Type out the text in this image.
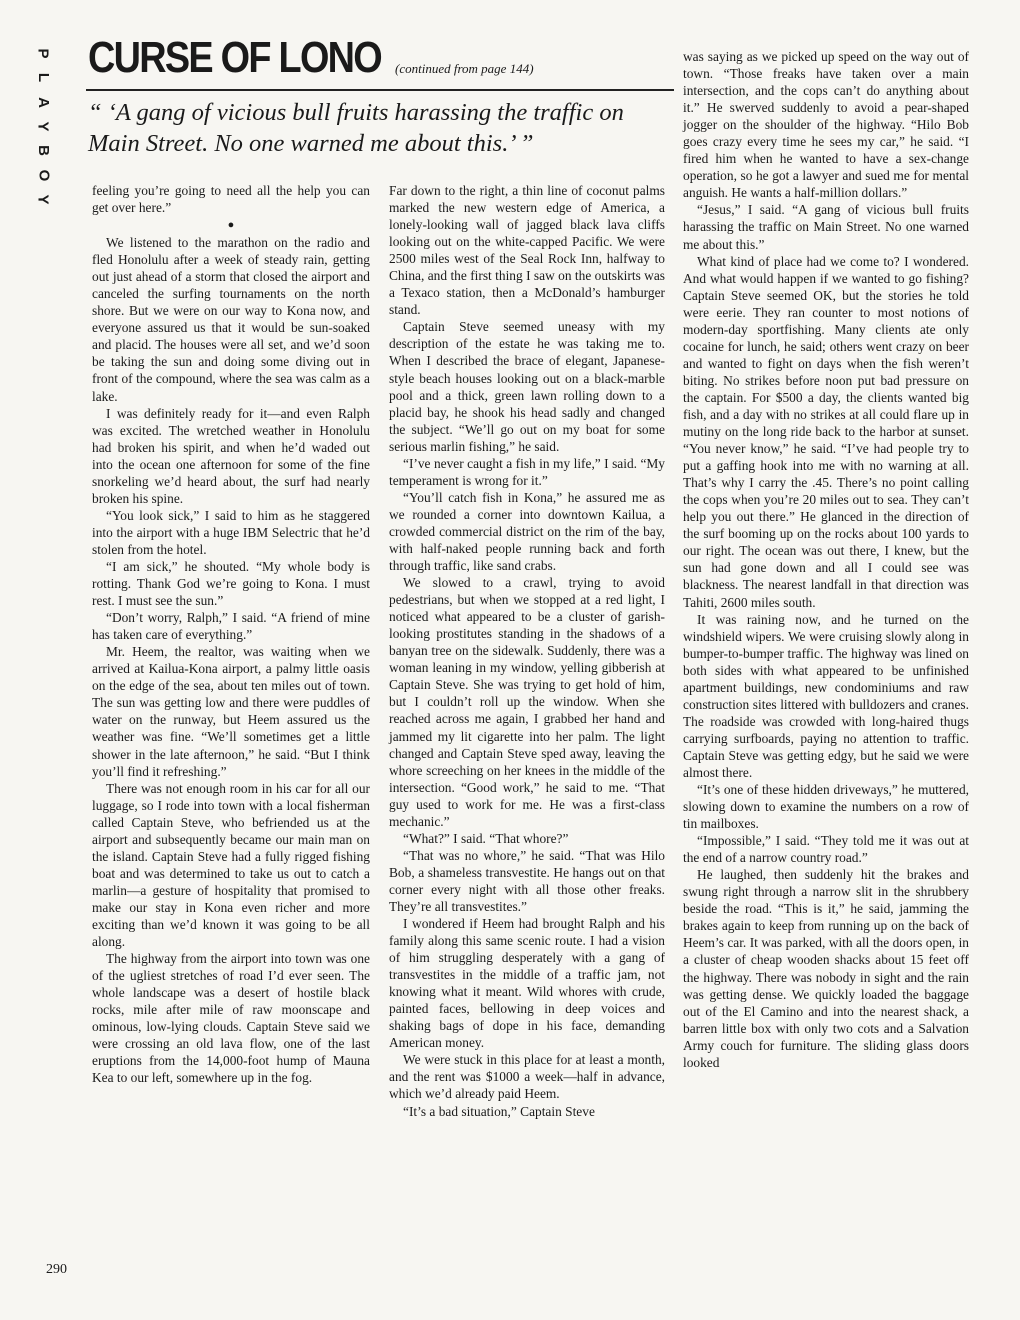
P
L
A
Y
B
O
Y
CURSE OF LONO (continued from page 144)

“ ‘A gang of vicious bull fruits harassing the traffic on Main Street. No one warned me about this.’ ”

feeling you’re going to need all the help you can get over here.”

●

We listened to the marathon on the radio and fled Honolulu after a week of steady rain, getting out just ahead of a storm that closed the airport and canceled the surfing tournaments on the north shore. But we were on our way to Kona now, and everyone assured us that it would be sun-soaked and placid. The houses were all set, and we’d soon be taking the sun and doing some diving out in front of the compound, where the sea was calm as a lake.

I was definitely ready for it—and even Ralph was excited. The wretched weather in Honolulu had broken his spirit, and when he’d waded out into the ocean one afternoon for some of the fine snorkeling we’d heard about, the surf had nearly broken his spine.

“You look sick,” I said to him as he staggered into the airport with a huge IBM Selectric that he’d stolen from the hotel.

“I am sick,” he shouted. “My whole body is rotting. Thank God we’re going to Kona. I must rest. I must see the sun.”

“Don’t worry, Ralph,” I said. “A friend of mine has taken care of everything.”

Mr. Heem, the realtor, was waiting when we arrived at Kailua-Kona airport, a palmy little oasis on the edge of the sea, about ten miles out of town. The sun was getting low and there were puddles of water on the runway, but Heem assured us the weather was fine. “We’ll sometimes get a little shower in the late afternoon,” he said. “But I think you’ll find it refreshing.”

There was not enough room in his car for all our luggage, so I rode into town with a local fisherman called Captain Steve, who befriended us at the airport and subsequently became our main man on the island. Captain Steve had a fully rigged fishing boat and was determined to take us out to catch a marlin—a gesture of hospitality that promised to make our stay in Kona even richer and more exciting than we’d known it was going to be all along.

The highway from the airport into town was one of the ugliest stretches of road I’d ever seen. The whole landscape was a desert of hostile black rocks, mile after mile of raw moonscape and ominous, low-lying clouds. Captain Steve said we were crossing an old lava flow, one of the last eruptions from the 14,000-foot hump of Mauna Kea to our left, somewhere up in the fog.

Far down to the right, a thin line of coconut palms marked the new western edge of America, a lonely-looking wall of jagged black lava cliffs looking out on the white-capped Pacific. We were 2500 miles west of the Seal Rock Inn, halfway to China, and the first thing I saw on the outskirts was a Texaco station, then a McDonald’s hamburger stand.

Captain Steve seemed uneasy with my description of the estate he was taking me to. When I described the brace of elegant, Japanese-style beach houses looking out on a black-marble pool and a thick, green lawn rolling down to a placid bay, he shook his head sadly and changed the subject. “We’ll go out on my boat for some serious marlin fishing,” he said.

“I’ve never caught a fish in my life,” I said. “My temperament is wrong for it.”

“You’ll catch fish in Kona,” he assured me as we rounded a corner into downtown Kailua, a crowded commercial district on the rim of the bay, with half-naked people running back and forth through traffic, like sand crabs.

We slowed to a crawl, trying to avoid pedestrians, but when we stopped at a red light, I noticed what appeared to be a cluster of garish-looking prostitutes standing in the shadows of a banyan tree on the sidewalk. Suddenly, there was a woman leaning in my window, yelling gibberish at Captain Steve. She was trying to get hold of him, but I couldn’t roll up the window. When she reached across me again, I grabbed her hand and jammed my lit cigarette into her palm. The light changed and Captain Steve sped away, leaving the whore screeching on her knees in the middle of the intersection. “Good work,” he said to me. “That guy used to work for me. He was a first-class mechanic.”

“What?” I said. “That whore?”

“That was no whore,” he said. “That was Hilo Bob, a shameless transvestite. He hangs out on that corner every night with all those other freaks. They’re all transvestites.”

I wondered if Heem had brought Ralph and his family along this same scenic route. I had a vision of him struggling desperately with a gang of transvestites in the middle of a traffic jam, not knowing what it meant. Wild whores with crude, painted faces, bellowing in deep voices and shaking bags of dope in his face, demanding American money.

We were stuck in this place for at least a month, and the rent was $1000 a week—half in advance, which we’d already paid Heem.

“It’s a bad situation,” Captain Steve

was saying as we picked up speed on the way out of town. “Those freaks have taken over a main intersection, and the cops can’t do anything about it.” He swerved suddenly to avoid a pear-shaped jogger on the shoulder of the highway. “Hilo Bob goes crazy every time he sees my car,” he said. “I fired him when he wanted to have a sex-change operation, so he got a lawyer and sued me for mental anguish. He wants a half-million dollars.”

“Jesus,” I said. “A gang of vicious bull fruits harassing the traffic on Main Street. No one warned me about this.”

What kind of place had we come to? I wondered. And what would happen if we wanted to go fishing? Captain Steve seemed OK, but the stories he told were eerie. They ran counter to most notions of modern-day sportfishing. Many clients ate only cocaine for lunch, he said; others went crazy on beer and wanted to fight on days when the fish weren’t biting. No strikes before noon put bad pressure on the captain. For $500 a day, the clients wanted big fish, and a day with no strikes at all could flare up in mutiny on the long ride back to the harbor at sunset. “You never know,” he said. “I’ve had people try to put a gaffing hook into me with no warning at all. That’s why I carry the .45. There’s no point calling the cops when you’re 20 miles out to sea. They can’t help you out there.” He glanced in the direction of the surf booming up on the rocks about 100 yards to our right. The ocean was out there, I knew, but the sun had gone down and all I could see was blackness. The nearest landfall in that direction was Tahiti, 2600 miles south.

It was raining now, and he turned on the windshield wipers. We were cruising slowly along in bumper-to-bumper traffic. The highway was lined on both sides with what appeared to be unfinished apartment buildings, new condominiums and raw construction sites littered with bulldozers and cranes. The roadside was crowded with long-haired thugs carrying surfboards, paying no attention to traffic. Captain Steve was getting edgy, but he said we were almost there.

“It’s one of these hidden driveways,” he muttered, slowing down to examine the numbers on a row of tin mailboxes.

“Impossible,” I said. “They told me it was out at the end of a narrow country road.”

He laughed, then suddenly hit the brakes and swung right through a narrow slit in the shrubbery beside the road. “This is it,” he said, jamming the brakes again to keep from running up on the back of Heem’s car. It was parked, with all the doors open, in a cluster of cheap wooden shacks about 15 feet off the highway. There was nobody in sight and the rain was getting dense. We quickly loaded the baggage out of the El Camino and into the nearest shack, a barren little box with only two cots and a Salvation Army couch for furniture. The sliding glass doors looked

290
